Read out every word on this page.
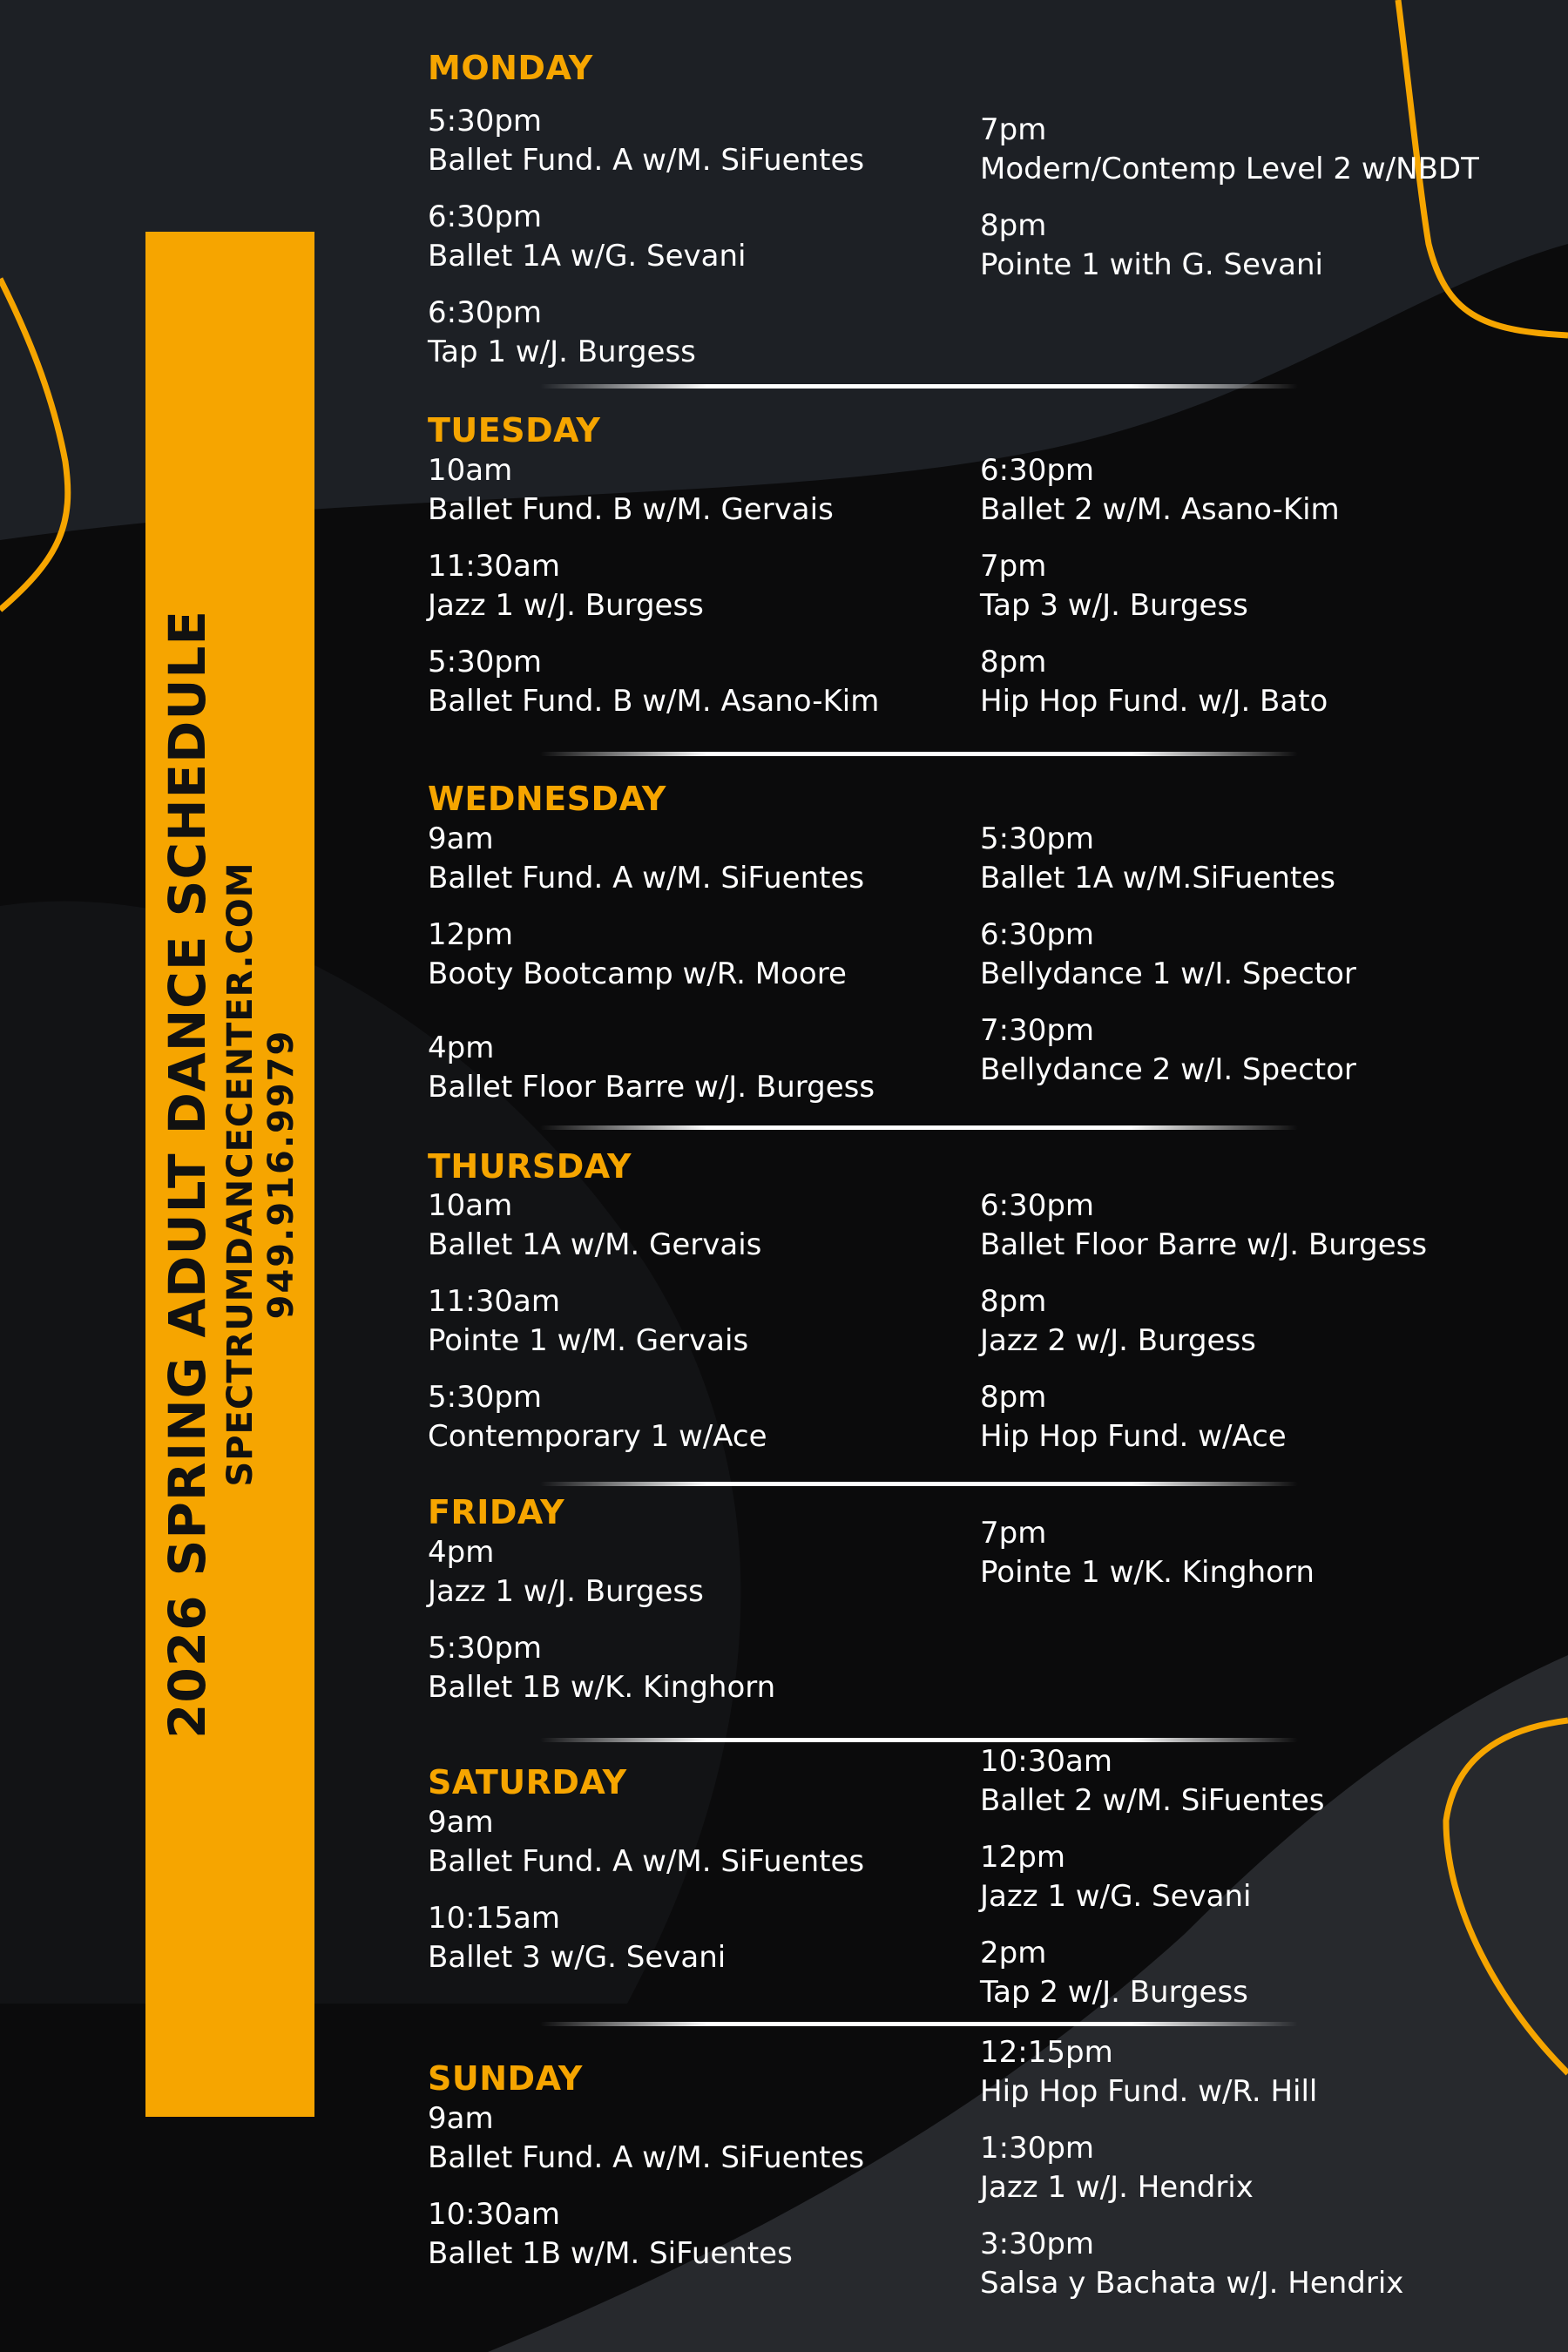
2026 SPRING ADULT DANCE SCHEDULE SPECTRUMDANCECENTER.COM 949.916.9979
MONDAY
5:30pm
Ballet Fund. A w/M. SiFuentes
6:30pm
Ballet 1A w/G. Sevani
6:30pm
Tap 1 w/J. Burgess
7pm
Modern/Contemp Level 2 w/NBDT
8pm
Pointe 1 with G. Sevani
TUESDAY
10am
Ballet Fund. B w/M. Gervais
11:30am
Jazz 1 w/J. Burgess
5:30pm
Ballet Fund. B w/M. Asano-Kim
6:30pm
Ballet 2 w/M. Asano-Kim
7pm
Tap 3 w/J. Burgess
8pm
Hip Hop Fund. w/J. Bato
WEDNESDAY
9am
Ballet Fund. A w/M. SiFuentes
12pm
Booty Bootcamp w/R. Moore
4pm
Ballet Floor Barre w/J. Burgess
5:30pm
Ballet 1A w/M.SiFuentes
6:30pm
Bellydance 1 w/I. Spector
7:30pm
Bellydance 2 w/I. Spector
THURSDAY
10am
Ballet 1A w/M. Gervais
11:30am
Pointe 1 w/M. Gervais
5:30pm
Contemporary 1 w/Ace
6:30pm
Ballet Floor Barre w/J. Burgess
8pm
Jazz 2 w/J. Burgess
8pm
Hip Hop Fund. w/Ace
FRIDAY
4pm
Jazz 1 w/J. Burgess
5:30pm
Ballet 1B w/K. Kinghorn
7pm
Pointe 1 w/K. Kinghorn
SATURDAY
9am
Ballet Fund. A w/M. SiFuentes
10:15am
Ballet 3 w/G. Sevani
10:30am
Ballet 2 w/M. SiFuentes
12pm
Jazz 1 w/G. Sevani
2pm
Tap 2 w/J. Burgess
SUNDAY
9am
Ballet Fund. A w/M. SiFuentes
10:30am
Ballet 1B w/M. SiFuentes
12:15pm
Hip Hop Fund. w/R. Hill
1:30pm
Jazz 1 w/J. Hendrix
3:30pm
Salsa y Bachata w/J. Hendrix
